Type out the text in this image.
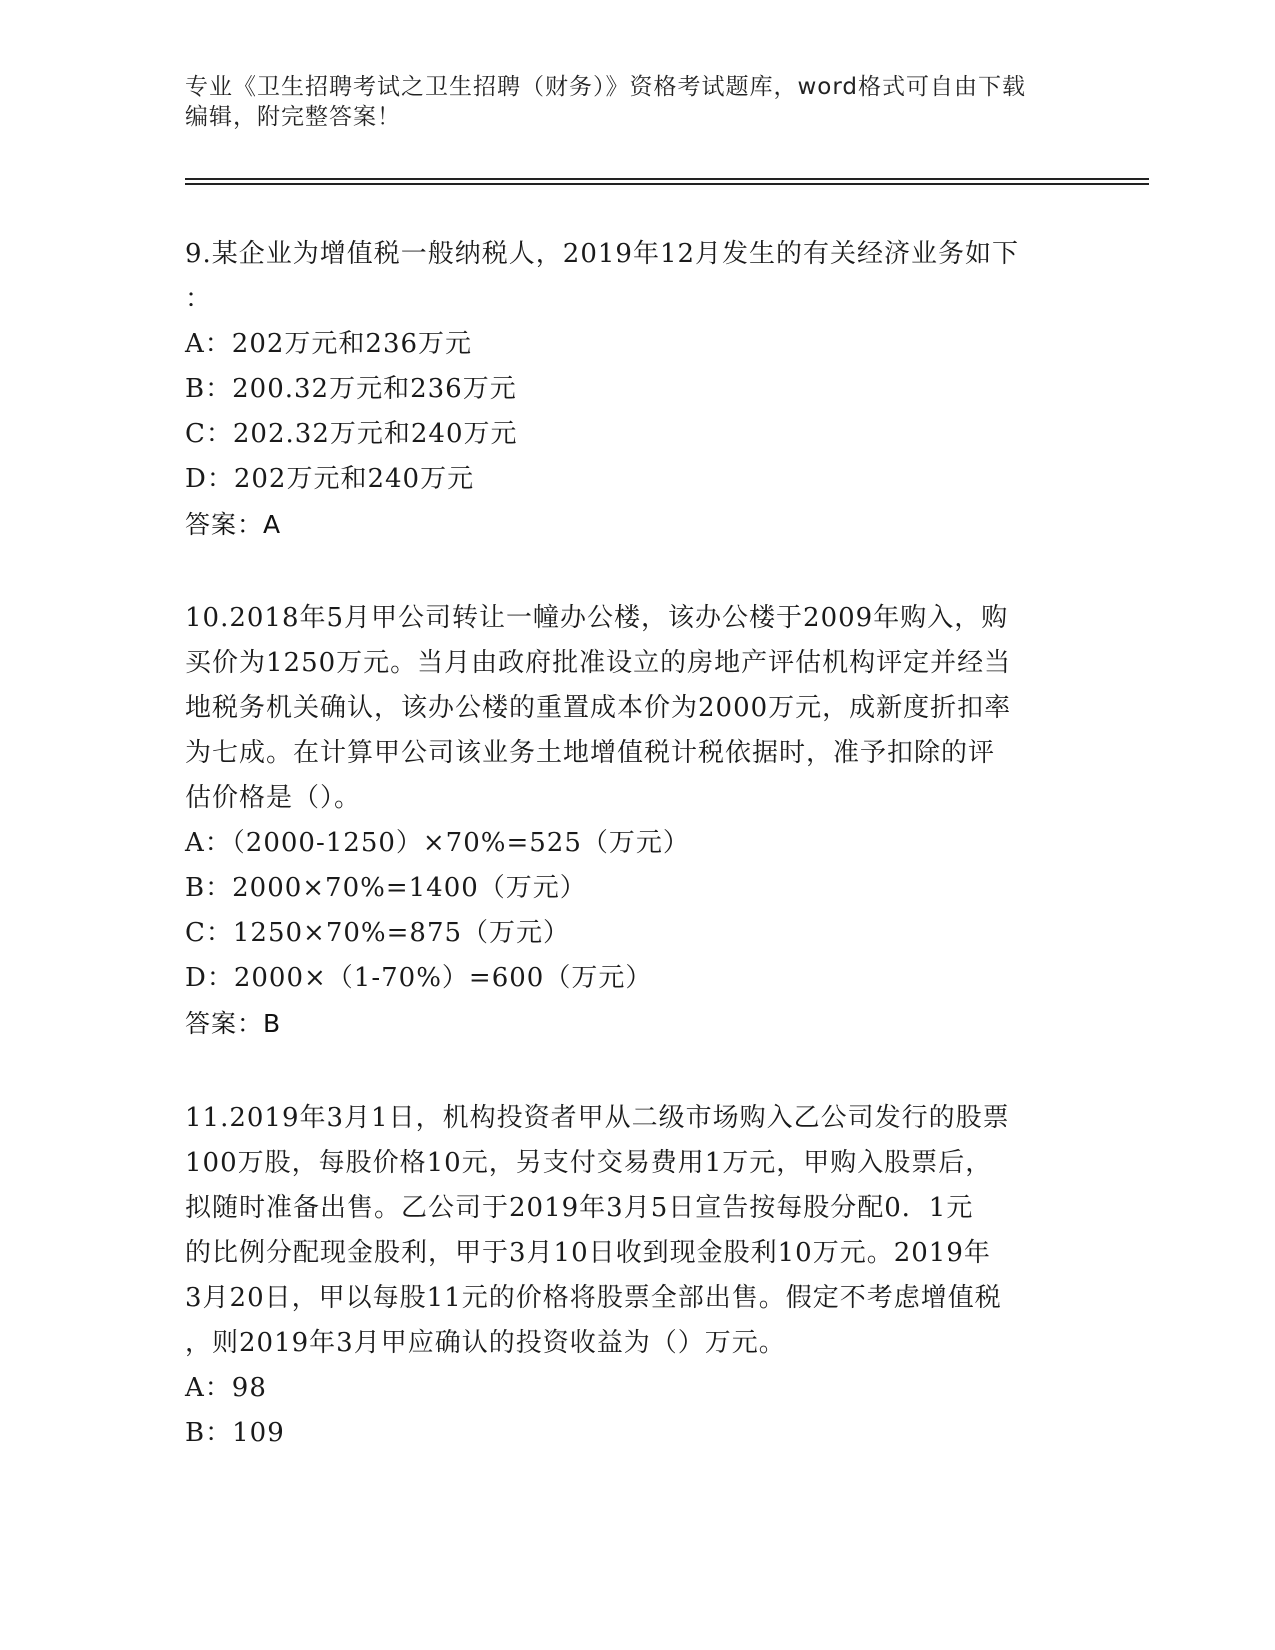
专业《卫生招聘考试之卫生招聘（财务）》资格考试题库，word格式可自由下载
编辑，附完整答案！
9.某企业为增值税一般纳税人，2019年12月发生的有关经济业务如下
：
A：202万元和236万元
B：200.32万元和236万元
C：202.32万元和240万元
D：202万元和240万元
答案：A
10.2018年5月甲公司转让一幢办公楼，该办公楼于2009年购入，购
买价为1250万元。当月由政府批准设立的房地产评估机构评定并经当
地税务机关确认，该办公楼的重置成本价为2000万元，成新度折扣率
为七成。在计算甲公司该业务土地增值税计税依据时，准予扣除的评
估价格是（）。
A：（2000-1250）×70%=525（万元）
B：2000×70%=1400（万元）
C：1250×70%=875（万元）
D：2000×（1-70%）=600（万元）
答案：B
11.2019年3月1日，机构投资者甲从二级市场购入乙公司发行的股票
100万股，每股价格10元，另支付交易费用1万元，甲购入股票后，
拟随时准备出售。乙公司于2019年3月5日宣告按每股分配0．1元
的比例分配现金股利，甲于3月10日收到现金股利10万元。2019年
3月20日，甲以每股11元的价格将股票全部出售。假定不考虑增值税
，则2019年3月甲应确认的投资收益为（）万元。
A：98
B：109
